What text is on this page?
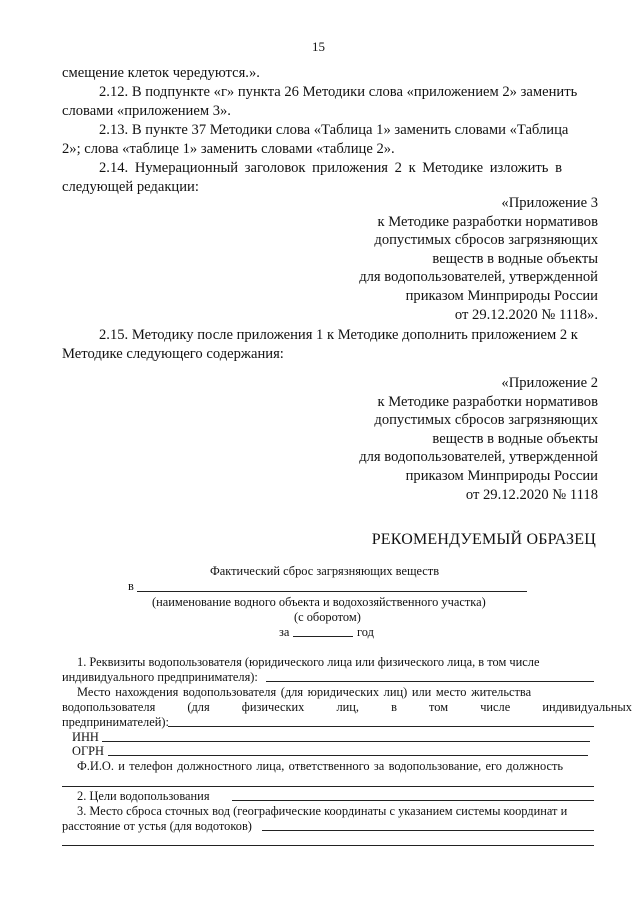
15
смещение клеток чередуются.».
2.12. В подпункте «г» пункта 26 Методики слова «приложением 2» заменить
словами «приложением 3».
2.13. В пункте 37 Методики слова «Таблица 1» заменить словами «Таблица
2»; слова «таблице 1» заменить словами «таблице 2».
2.14. Нумерационный заголовок приложения 2 к Методике изложить в
следующей редакции:
«Приложение 3
к Методике разработки нормативов
допустимых сбросов загрязняющих
веществ в водные объекты
для водопользователей, утвержденной
приказом Минприроды России
от 29.12.2020 № 1118».
2.15. Методику после приложения 1 к Методике дополнить приложением 2 к
Методике следующего содержания:
«Приложение 2
к Методике разработки нормативов
допустимых сбросов загрязняющих
веществ в водные объекты
для водопользователей, утвержденной
приказом Минприроды России
от 29.12.2020 № 1118
РЕКОМЕНДУЕМЫЙ ОБРАЗЕЦ
Фактический сброс загрязняющих веществ
в
(наименование водного объекта и водохозяйственного участка)
(с оборотом)
за	год
1. Реквизиты водопользователя (юридического лица или физического лица, в том числе
индивидуального предпринимателя):
Место нахождения водопользователя (для юридических лиц) или место жительства
водопользователя (для физических лиц, в том числе индивидуальных
предпринимателей):
ИНН
ОГРН
Ф.И.О. и телефон должностного лица, ответственного за водопользование, его должность
2. Цели водопользования
3. Место сброса сточных вод (географические координаты с указанием системы координат и
расстояние от устья (для водотоков)
